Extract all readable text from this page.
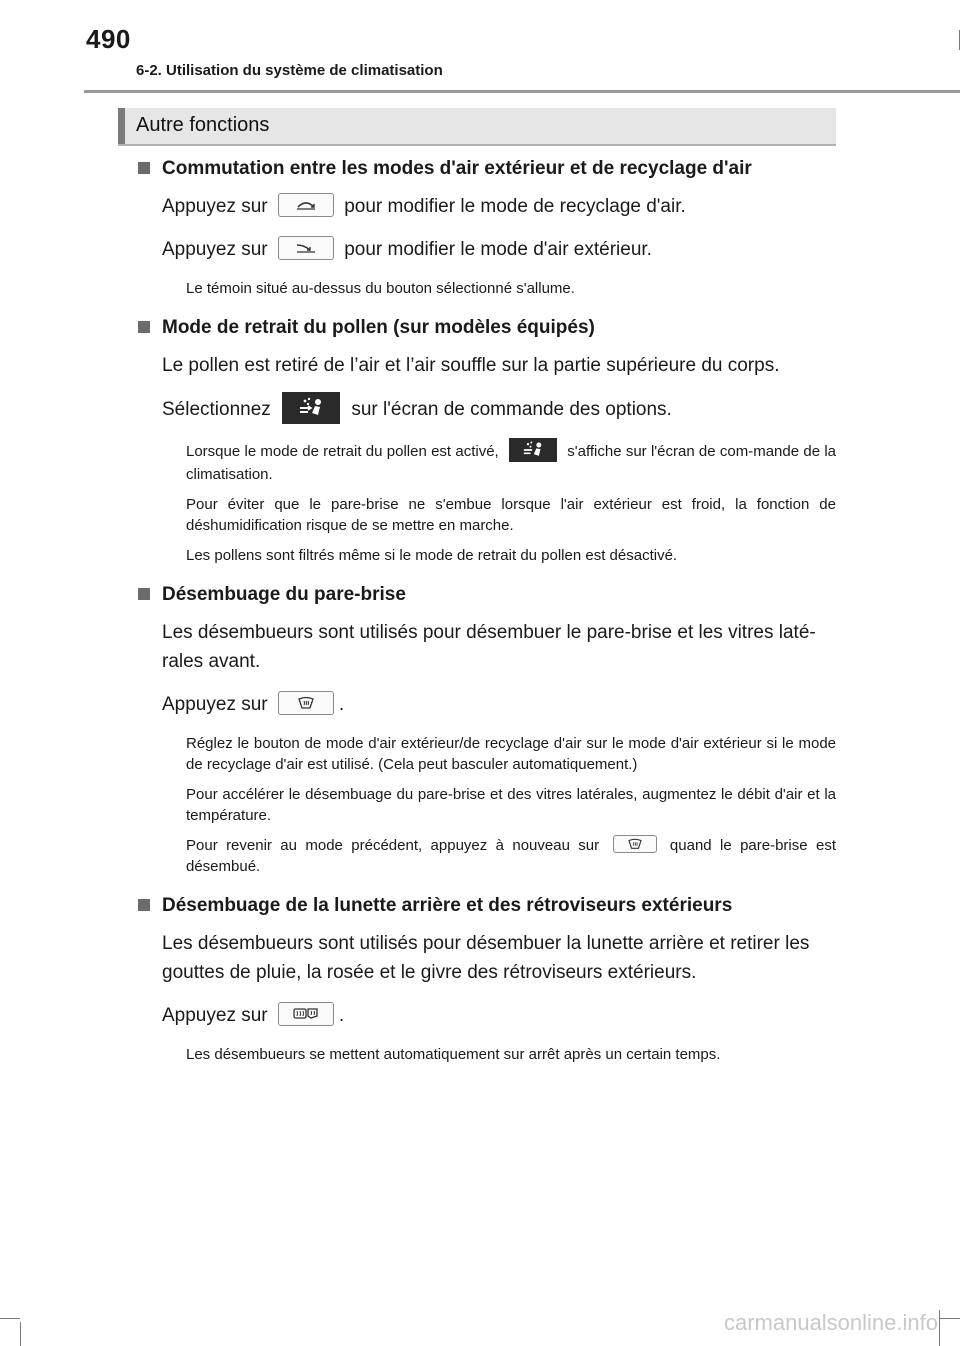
490
6-2. Utilisation du système de climatisation
Autre fonctions
Commutation entre les modes d'air extérieur et de recyclage d'air
Appuyez sur	pour modifier le mode de recyclage d'air.
Appuyez sur	pour modifier le mode d'air extérieur.
Le témoin situé au-dessus du bouton sélectionné s'allume.
Mode de retrait du pollen (sur modèles équipés)
Le pollen est retiré de l’air et l’air souffle sur la partie supérieure du corps.
Sélectionnez	sur l'écran de commande des options.
Lorsque le mode de retrait du pollen est activé,	s'affiche sur l'écran de com-mande de la climatisation.
Pour éviter que le pare-brise ne s'embue lorsque l'air extérieur est froid, la fonction de déshumidification risque de se mettre en marche.
Les pollens sont filtrés même si le mode de retrait du pollen est désactivé.
Désembuage du pare-brise
Les désembueurs sont utilisés pour désembuer le pare-brise et les vitres laté-rales avant.
Appuyez sur	.
Réglez le bouton de mode d'air extérieur/de recyclage d'air sur le mode d'air extérieur si le mode de recyclage d'air est utilisé. (Cela peut basculer automatiquement.)
Pour accélérer le désembuage du pare-brise et des vitres latérales, augmentez le débit d'air et la température.
Pour revenir au mode précédent, appuyez à nouveau sur	quand le pare-brise est désembué.
Désembuage de la lunette arrière et des rétroviseurs extérieurs
Les désembueurs sont utilisés pour désembuer la lunette arrière et retirer les gouttes de pluie, la rosée et le givre des rétroviseurs extérieurs.
Appuyez sur	.
Les désembueurs se mettent automatiquement sur arrêt après un certain temps.
carmanualsonline.info
